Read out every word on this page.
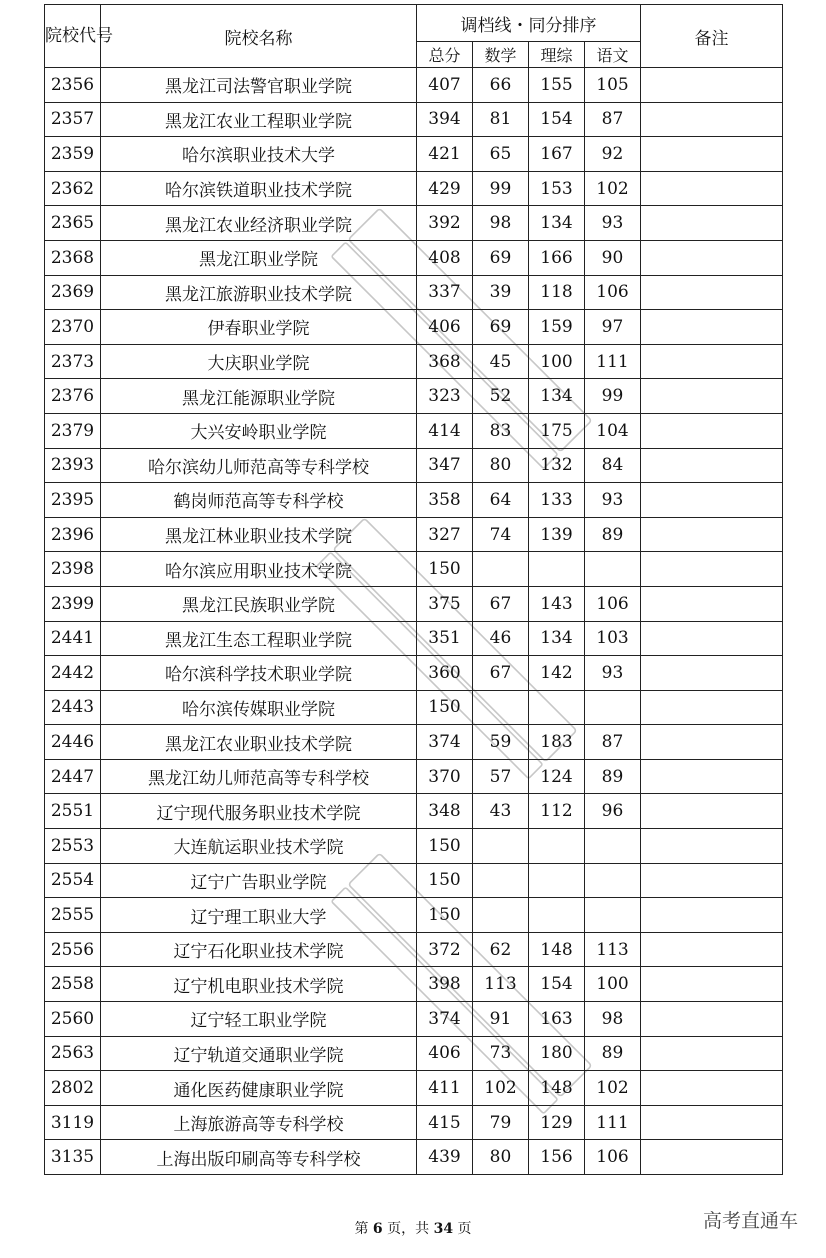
院校代号	院校名称	调档线・同分排序				备注
		总分	数学	理综	语文	
2356	黑龙江司法警官职业学院	407	66	155	105	
2357	黑龙江农业工程职业学院	394	81	154	87	
2359	哈尔滨职业技术大学	421	65	167	92	
2362	哈尔滨铁道职业技术学院	429	99	153	102	
2365	黑龙江农业经济职业学院	392	98	134	93	
2368	黑龙江职业学院	408	69	166	90	
2369	黑龙江旅游职业技术学院	337	39	118	106	
2370	伊春职业学院	406	69	159	97	
2373	大庆职业学院	368	45	100	111	
2376	黑龙江能源职业学院	323	52	134	99	
2379	大兴安岭职业学院	414	83	175	104	
2393	哈尔滨幼儿师范高等专科学校	347	80	132	84	
2395	鹤岗师范高等专科学校	358	64	133	93	
2396	黑龙江林业职业技术学院	327	74	139	89	
2398	哈尔滨应用职业技术学院	150				
2399	黑龙江民族职业学院	375	67	143	106	
2441	黑龙江生态工程职业学院	351	46	134	103	
2442	哈尔滨科学技术职业学院	360	67	142	93	
2443	哈尔滨传媒职业学院	150				
2446	黑龙江农业职业技术学院	374	59	183	87	
2447	黑龙江幼儿师范高等专科学校	370	57	124	89	
2551	辽宁现代服务职业技术学院	348	43	112	96	
2553	大连航运职业技术学院	150				
2554	辽宁广告职业学院	150				
2555	辽宁理工职业大学	150				
2556	辽宁石化职业技术学院	372	62	148	113	
2558	辽宁机电职业技术学院	398	113	154	100	
2560	辽宁轻工职业学院	374	91	163	98	
2563	辽宁轨道交通职业学院	406	73	180	89	
2802	通化医药健康职业学院	411	102	148	102	
3119	上海旅游高等专科学校	415	79	129	111	
3135	上海出版印刷高等专科学校	439	80	156	106	
第 6 页，共 34 页	高考直通车
